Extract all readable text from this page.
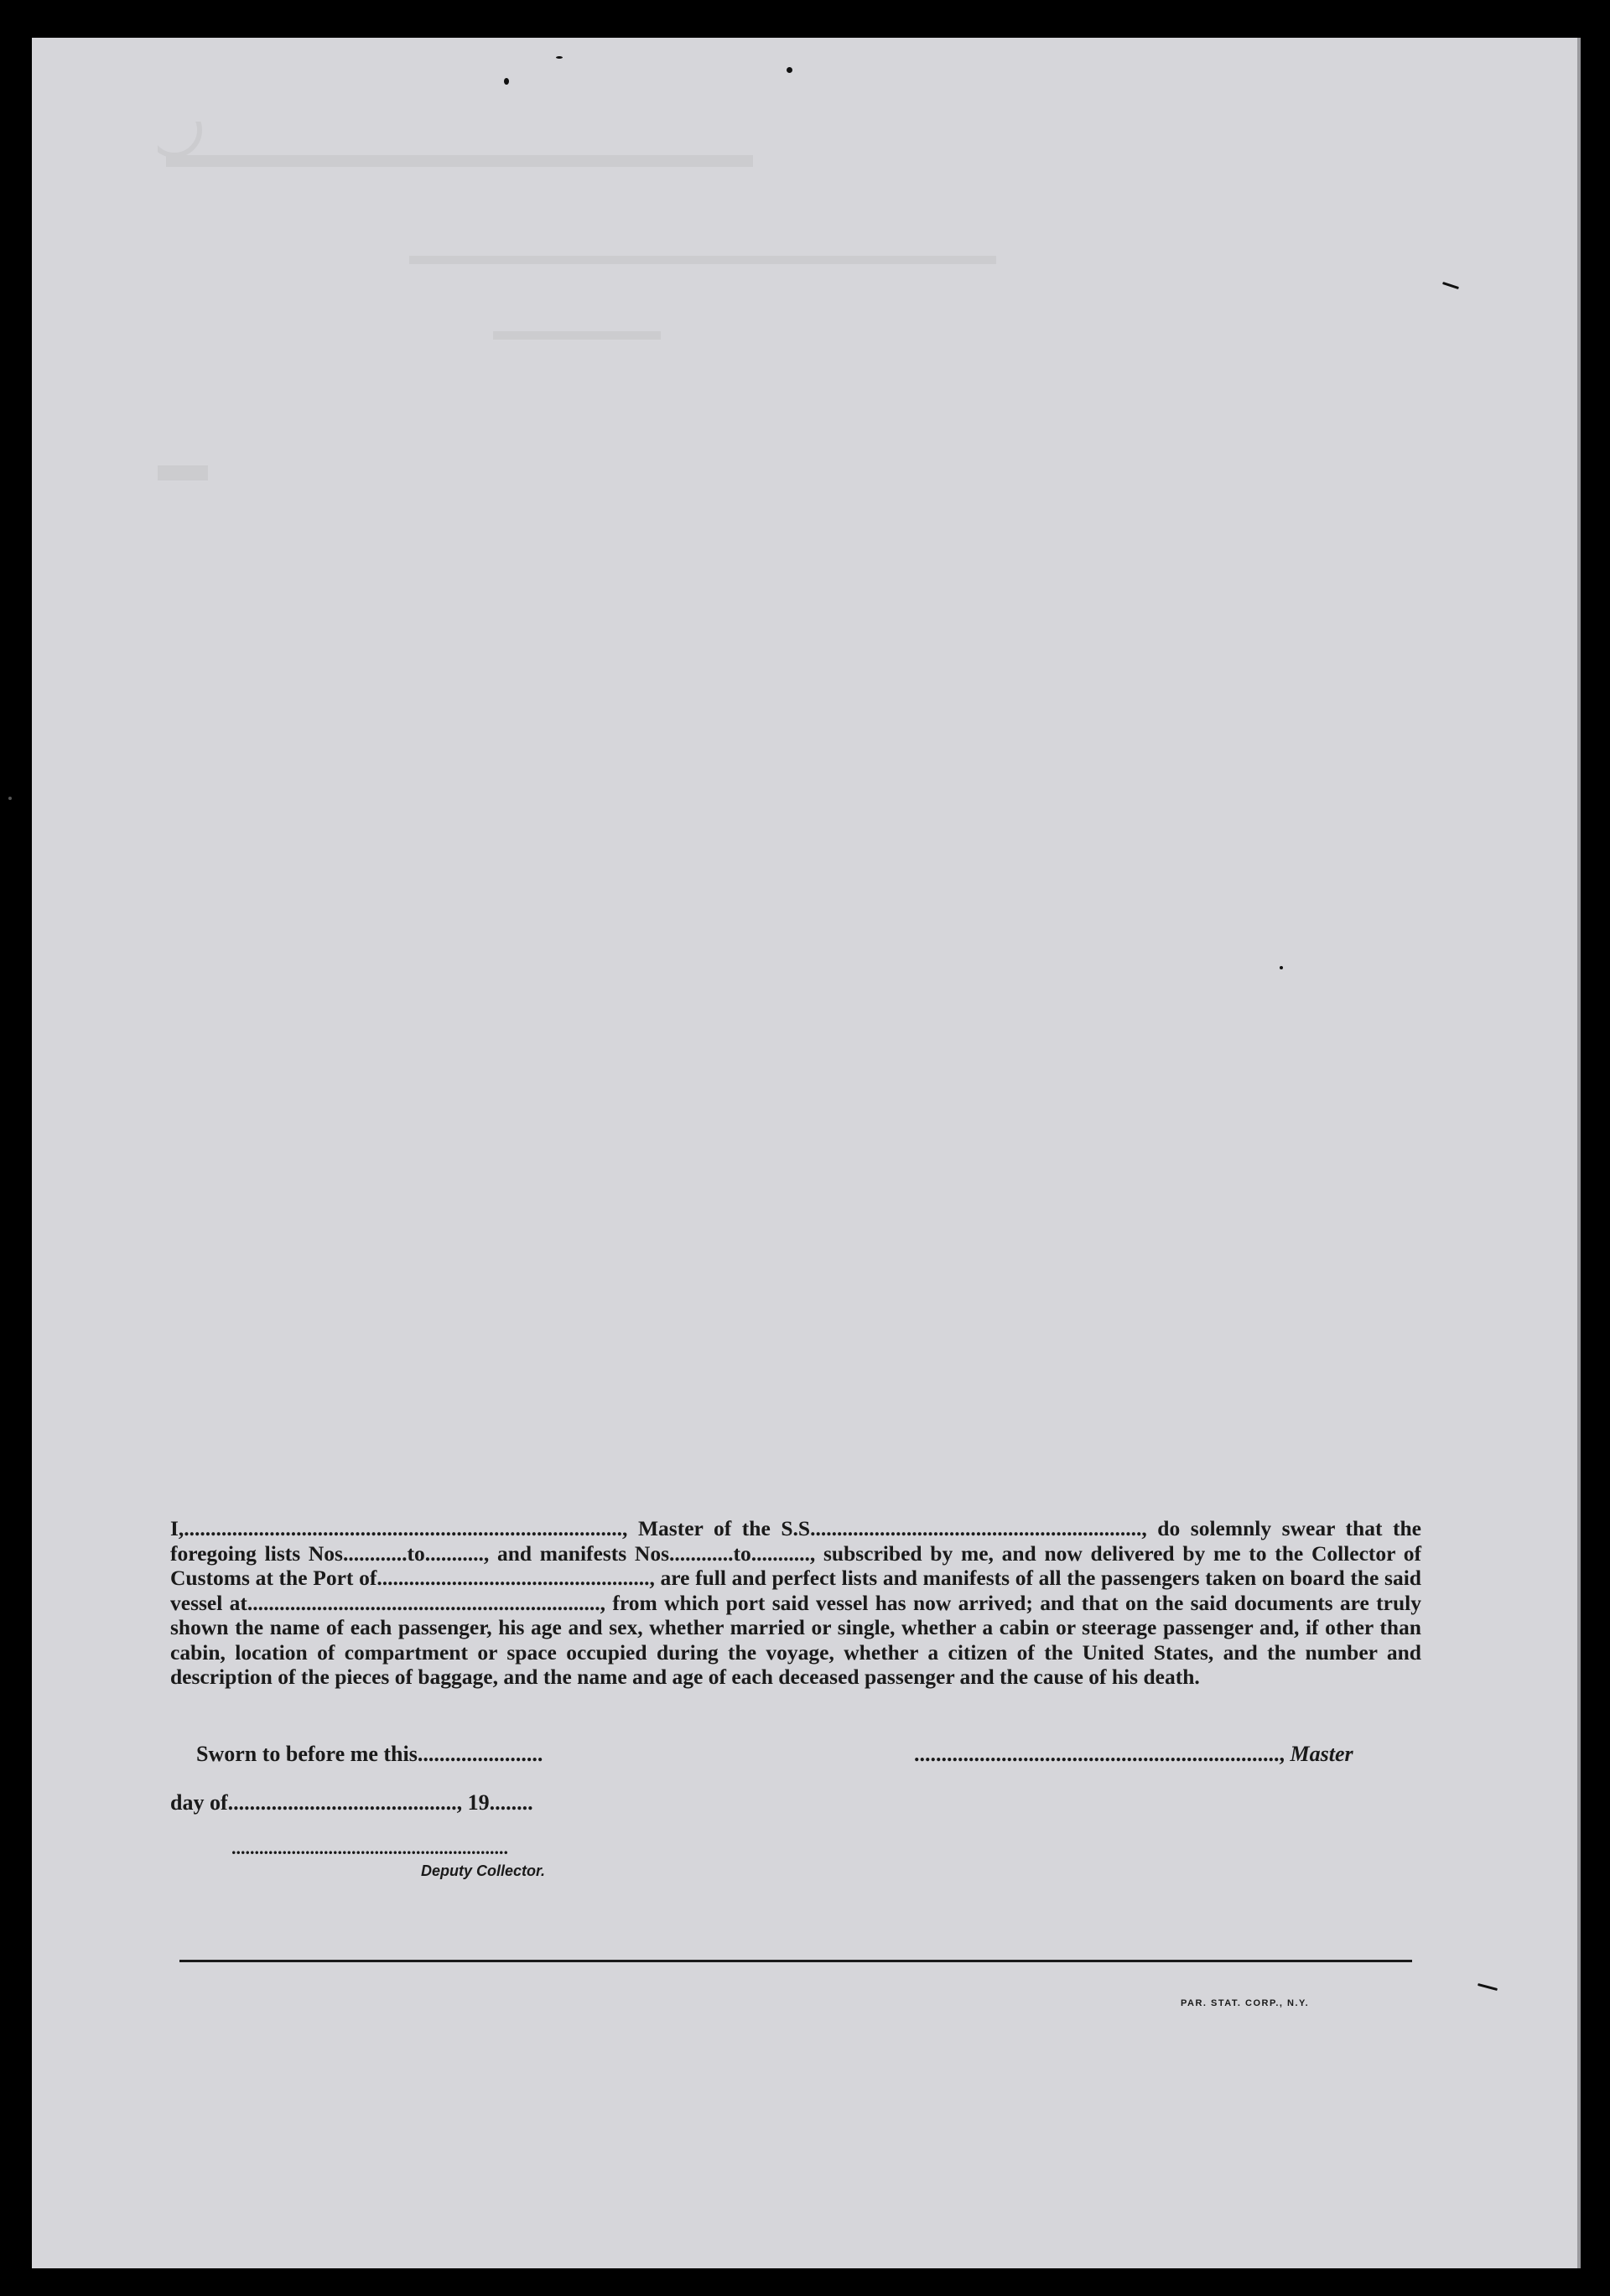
I,.................................................................................., Master of the S.S.............................................................., do solemnly swear that the foregoing lists Nos............to..........., and manifests Nos............to..........., subscribed by me, and now delivered by me to the Collector of Customs at the Port of..................................................., are full and perfect lists and manifests of all the passengers taken on board the said vessel at.................................................................., from which port said vessel has now arrived; and that on the said documents are truly shown the name of each passenger, his age and sex, whether married or single, whether a cabin or steerage passenger and, if other than cabin, location of compartment or space occupied during the voyage, whether a citizen of the United States, and the number and description of the pieces of baggage, and the name and age of each deceased passenger and the cause of his death.

Sworn to before me this.......................
day of.........................................., 19........
..................................................................., Master
............................................................
Deputy Collector.
PAR. STAT. CORP., N.Y.
